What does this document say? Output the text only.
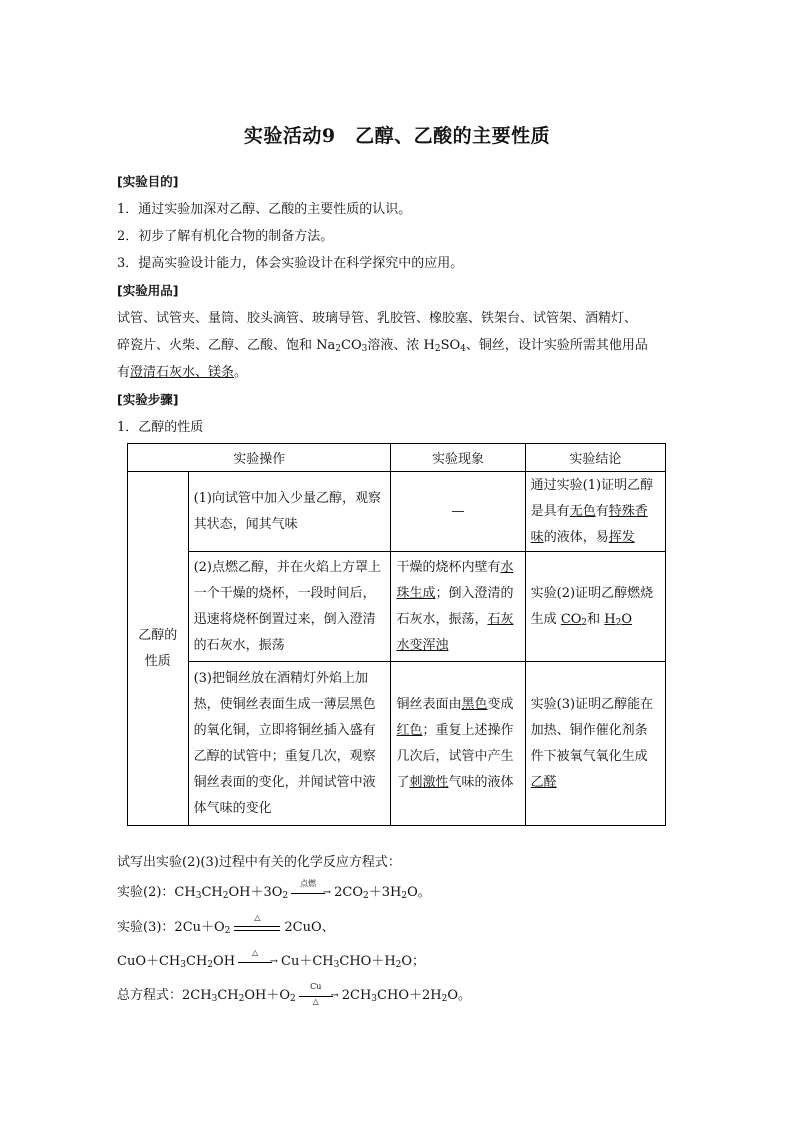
实验活动9　乙醇、乙酸的主要性质
[实验目的]
1．通过实验加深对乙醇、乙酸的主要性质的认识。
2．初步了解有机化合物的制备方法。
3．提高实验设计能力，体会实验设计在科学探究中的应用。
[实验用品]
试管、试管夹、量筒、胶头滴管、玻璃导管、乳胶管、橡胶塞、铁架台、试管架、酒精灯、
碎瓷片、火柴、乙醇、乙酸、饱和 $Na_2CO_3$溶液、浓 $H_2SO_4$、铜丝，设计实验所需其他用品
有澄清石灰水、镁条。
[实验步骤]
1．乙醇的性质
实验操作		实验现象	实验结论
乙醇的性质	(1)向试管中加入少量乙醇，观察其状态，闻其气味	—	通过实验(1)证明乙醇是具有无色有特殊香味的液体，易挥发
	(2)点燃乙醇，并在火焰上方罩上一个干燥的烧杯，一段时间后，迅速将烧杯倒置过来，倒入澄清的石灰水，振荡	干燥的烧杯内壁有水珠生成；倒入澄清的石灰水，振荡，石灰水变浑浊	实验(2)证明乙醇燃烧生成 $CO_2$和 $H_2O$
	(3)把铜丝放在酒精灯外焰上加热，使铜丝表面生成一薄层黑色的氧化铜，立即将铜丝插入盛有乙醇的试管中；重复几次，观察铜丝表面的变化，并闻试管中液体气味的变化	铜丝表面由黑色变成红色；重复上述操作几次后，试管中产生了刺激性气味的液体	实验(3)证明乙醇能在加热、铜作催化剂条件下被氧气氧化生成乙醛
试写出实验(2)(3)过程中有关的化学反应方程式：
实验(2)：$CH_3CH_2OH+3O_2$
点燃
→ $2CO_2+3H_2O$。
实验(3)：$2Cu+O_2$
△
2CuO、
$CuO+CH_3CH_2OH$
△
→ $Cu+CH_3CHO+H_2O$；
总方程式：$2CH_3CH_2OH+O_2$
Cu
→
△	$2CH_3CHO+2H_2O$。
